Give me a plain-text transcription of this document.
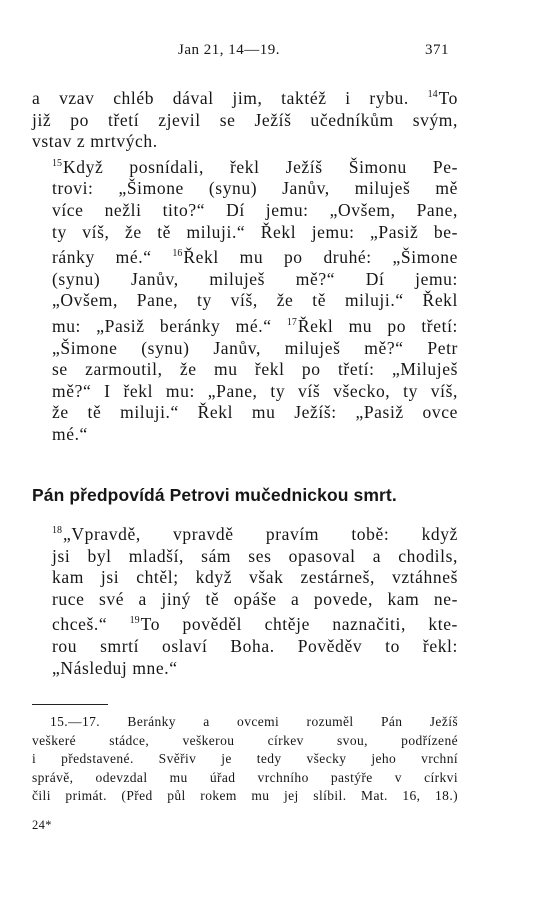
Jan 21, 14—19.	371

a vzav chléb dával jim, taktéž i rybu. $^{14}$To
již po třetí zjevil se Ježíš učedníkům svým,
vstav z mrtvých.

$^{15}$Když posnídali, řekl Ježíš Šimonu Pe-
trovi: „Šimone (synu) Janův, miluješ mě
více nežli tito?“ Dí jemu: „Ovšem, Pane,
ty víš, že tě miluji.“ Řekl jemu: „Pasiž be-
ránky mé.“ $^{16}$Řekl mu po druhé: „Šimone
(synu) Janův, miluješ mě?“ Dí jemu:
„Ovšem, Pane, ty víš, že tě miluji.“ Řekl
mu: „Pasiž beránky mé.“ $^{17}$Řekl mu po třetí:
„Šimone (synu) Janův, miluješ mě?“ Petr
se zarmoutil, že mu řekl po třetí: „Miluješ
mě?“ I řekl mu: „Pane, ty víš všecko, ty víš,
že tě miluji.“ Řekl mu Ježíš: „Pasiž ovce
mé.“

Pán předpovídá Petrovi mučednickou smrt.

$^{18}$„Vpravdě, vpravdě pravím tobě: když
jsi byl mladší, sám ses opasoval a chodils,
kam jsi chtěl; když však zestárneš, vztáhneš
ruce své a jiný tě opáše a povede, kam ne-
chceš.“ $^{19}$To pověděl chtěje naznačiti, kte-
rou smrtí oslaví Boha. Pověděv to řekl:
„Následuj mne.“

15.—17. Beránky a ovcemi rozuměl Pán Ježíš
veškeré stádce, veškerou církev svou, podřízené
i představené. Svěřiv je tedy všecky jeho vrchní
správě, odevzdal mu úřad vrchního pastýře v církvi
čili primát. (Před půl rokem mu jej slíbil. Mat. 16, 18.)
24*
